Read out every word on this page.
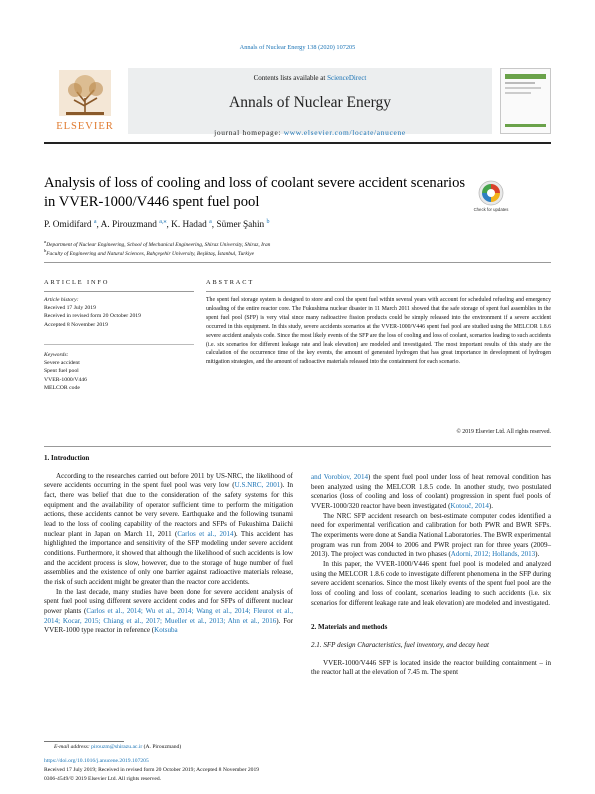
Annals of Nuclear Energy 138 (2020) 107205
ELSEVIER
Contents lists available at ScienceDirect
Annals of Nuclear Energy
journal homepage: www.elsevier.com/locate/anucene
Analysis of loss of cooling and loss of coolant severe accident scenarios in VVER-1000/V446 spent fuel pool	Check for updates
P. Omidifard $^a$, A. Pirouzmand $^{a,⁎}$, K. Hadad $^a$, Sümer Şahin $^b$
$^a$Department of Nuclear Engineering, School of Mechanical Engineering, Shiraz University, Shiraz, Iran
$^b$Faculty of Engineering and Natural Sciences, Bahçeşehir University, Beşiktaş, İstanbul, Turkiye
ARTICLE INFO	ABSTRACT
Article history:
Received 17 July 2019
Received in revised form 20 October 2019
Accepted 8 November 2019
Keywords:
Severe accident
Spent fuel pool
VVER-1000/V446
MELCOR code
The spent fuel storage system is designed to store and cool the spent fuel within several years with account for scheduled refueling and emergency unloading of the entire reactor core. The Fukushima nuclear disaster in 11 March 2011 showed that the safe storage of spent fuel assemblies in the spent fuel pool (SFP) is very vital since many radioactive fission products could be simply released into the environment if a severe accident occurred in this equipment. In this study, severe accidents scenarios at the VVER-1000/V446 spent fuel pool are studied using the MELCOR 1.8.6 severe accident analysis code. Since the most likely events of the SFP are the loss of cooling and loss of coolant, scenarios leading to such accidents (i.e. six scenarios for different leakage rate and leak elevation) are modeled and investigated. The most important results of this study are the calculation of the occurrence time of the key events, the amount of generated hydrogen that has great importance in development of hydrogen mitigation strategies, and the amount of radioactive materials released into the containment for each scenario.
© 2019 Elsevier Ltd. All rights reserved.
1. Introduction

According to the researches carried out before 2011 by US-NRC, the likelihood of severe accidents occurring in the spent fuel pool was very low (U.S.NRC, 2001). In fact, there was belief that due to the consideration of the safety systems for this equipment and the availability of operator sufficient time to perform the mitigation actions, these accidents cannot be very severe. Earthquake and the following tsunami lead to the loss of cooling capability of the reactors and SFPs of Fukushima Daiichi nuclear plant in Japan on March 11, 2011 (Carlos et al., 2014). This accident has highlighted the importance and sensitivity of the SFP modeling under severe accident conditions. Furthermore, it showed that although the likelihood of such accidents is low and the accident process is slow, however, due to the storage of huge number of fuel assemblies and the existence of only one barrier against radioactive materials release, the risk of such accident might be greater than the reactor core accidents.

In the last decade, many studies have been done for severe accident analysis of spent fuel pool using different severe accident codes and for SFPs of different nuclear power plants (Carlos et al., 2014; Wu et al., 2014; Wang et al., 2014; Fleurot et al., 2014; Kocar, 2015; Chiang et al., 2017; Mueller et al., 2013; Ahn et al., 2016). For VVER-1000 type reactor in reference (Kotsuba

and Vorobiov, 2014) the spent fuel pool under loss of heat removal condition has been analyzed using the MELCOR 1.8.5 code. In another study, two postulated scenarios (loss of cooling and loss of coolant) progression in spent fuel pools of VVER-1000/320 reactor have been investigated (Kotouč, 2014).

The NRC SFP accident research on best-estimate computer codes identified a need for experimental verification and calibration for both PWR and BWR SFPs. The experiments were done at Sandia National Laboratories. The BWR experimental program was run from 2004 to 2006 and PWR project ran for three years (2009–2013). The project was conducted in two phases (Adorni, 2012; Hollands, 2013).

In this paper, the VVER-1000/V446 spent fuel pool is modeled and analyzed using the MELCOR 1.8.6 code to investigate different phenomena in the SFP during severe accident scenarios. Since the most likely events of the spent fuel pool are the loss of cooling and loss of coolant, scenarios leading to such accidents (i.e. six scenarios for different leakage rate and leak elevation) are modeled and investigated.

2. Materials and methods
2.1. SFP design Characteristics, fuel inventory, and decay heat

VVER-1000/V446 SFP is located inside the reactor building containment – in the reactor hall at the elevation of 7.45 m. The spent

E-mail address: pirouzm@shirazu.ac.ir (A. Pirouzmand)
https://doi.org/10.1016/j.anucene.2019.107205
Received 17 July 2019; Received in revised form 20 October 2019; Accepted 8 November 2019
0306-4549/© 2019 Elsevier Ltd. All rights reserved.
